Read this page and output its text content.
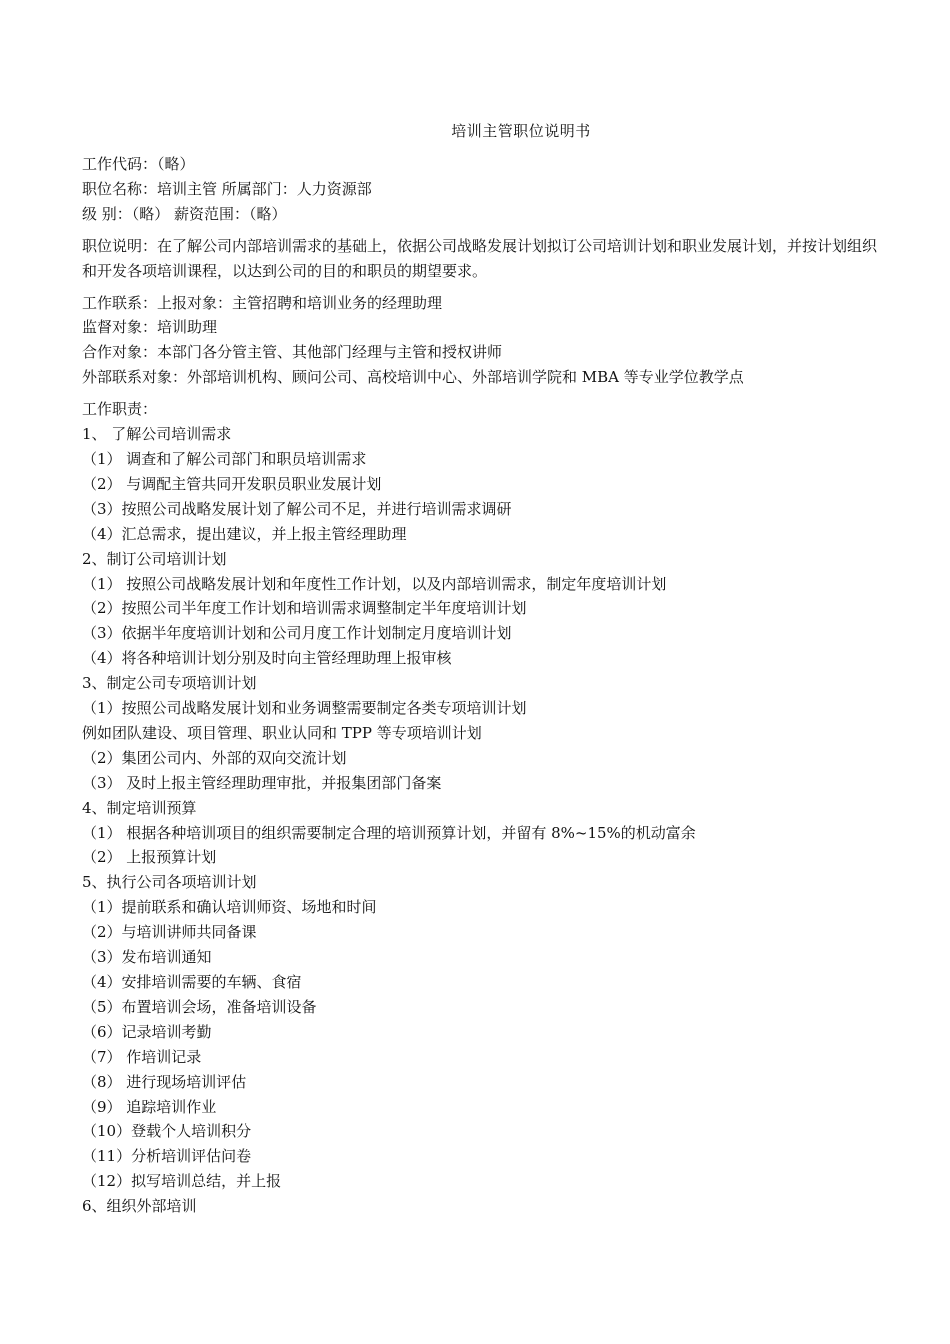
培训主管职位说明书
工作代码：（略）
职位名称：培训主管 所属部门：人力资源部
级 别：（略） 薪资范围：（略）
职位说明：在了解公司内部培训需求的基础上，依据公司战略发展计划拟订公司培训计划和职业发展计划，并按计划组织和开发各项培训课程，以达到公司的目的和职员的期望要求。
工作联系：上报对象：主管招聘和培训业务的经理助理
监督对象：培训助理
合作对象：本部门各分管主管、其他部门经理与主管和授权讲师
外部联系对象：外部培训机构、顾问公司、高校培训中心、外部培训学院和 MBA 等专业学位教学点
工作职责：
1、 了解公司培训需求
（1） 调查和了解公司部门和职员培训需求
（2） 与调配主管共同开发职员职业发展计划
（3）按照公司战略发展计划了解公司不足，并进行培训需求调研
（4）汇总需求，提出建议，并上报主管经理助理
2、制订公司培训计划
（1） 按照公司战略发展计划和年度性工作计划，以及内部培训需求，制定年度培训计划
（2）按照公司半年度工作计划和培训需求调整制定半年度培训计划
（3）依据半年度培训计划和公司月度工作计划制定月度培训计划
（4）将各种培训计划分别及时向主管经理助理上报审核
3、制定公司专项培训计划
（1）按照公司战略发展计划和业务调整需要制定各类专项培训计划
例如团队建设、项目管理、职业认同和 TPP 等专项培训计划
（2）集团公司内、外部的双向交流计划
（3） 及时上报主管经理助理审批，并报集团部门备案
4、制定培训预算
（1） 根据各种培训项目的组织需要制定合理的培训预算计划，并留有 8%~15%的机动富余
（2） 上报预算计划
5、执行公司各项培训计划
（1）提前联系和确认培训师资、场地和时间
（2）与培训讲师共同备课
（3）发布培训通知
（4）安排培训需要的车辆、食宿
（5）布置培训会场，准备培训设备
（6）记录培训考勤
（7） 作培训记录
（8） 进行现场培训评估
（9） 追踪培训作业
（10）登载个人培训积分
（11）分析培训评估问卷
（12）拟写培训总结，并上报
6、组织外部培训
